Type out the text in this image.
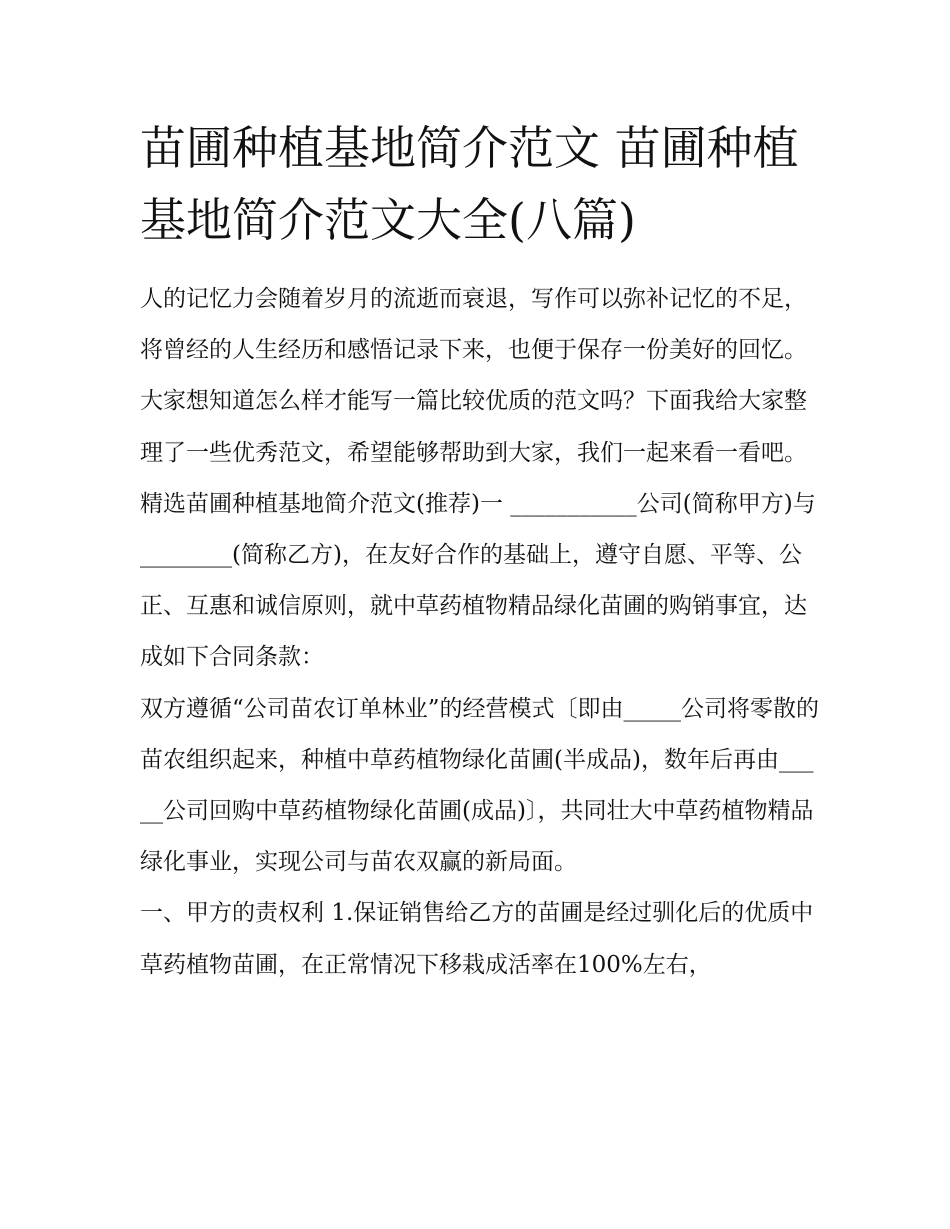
苗圃种植基地简介范文 苗圃种植基地简介范文大全(八篇)

人的记忆力会随着岁月的流逝而衰退，写作可以弥补记忆的不足，将曾经的人生经历和感悟记录下来，也便于保存一份美好的回忆。大家想知道怎么样才能写一篇比较优质的范文吗？下面我给大家整理了一些优秀范文，希望能够帮助到大家，我们一起来看一看吧。

精选苗圃种植基地简介范文(推荐)一 ___________公司(简称甲方)与

________(简称乙方)，在友好合作的基础上，遵守自愿、平等、公正、互惠和诚信原则，就中草药植物精品绿化苗圃的购销事宜，达成如下合同条款：

双方遵循“公司苗农订单林业”的经营模式〔即由_____公司将零散的苗农组织起来，种植中草药植物绿化苗圃(半成品)，数年后再由_____公司回购中草药植物绿化苗圃(成品)〕，共同壮大中草药植物精品绿化事业，实现公司与苗农双赢的新局面。

一、甲方的责权利 1.保证销售给乙方的苗圃是经过驯化后的优质中草药植物苗圃，在正常情况下移栽成活率在100%左右，
